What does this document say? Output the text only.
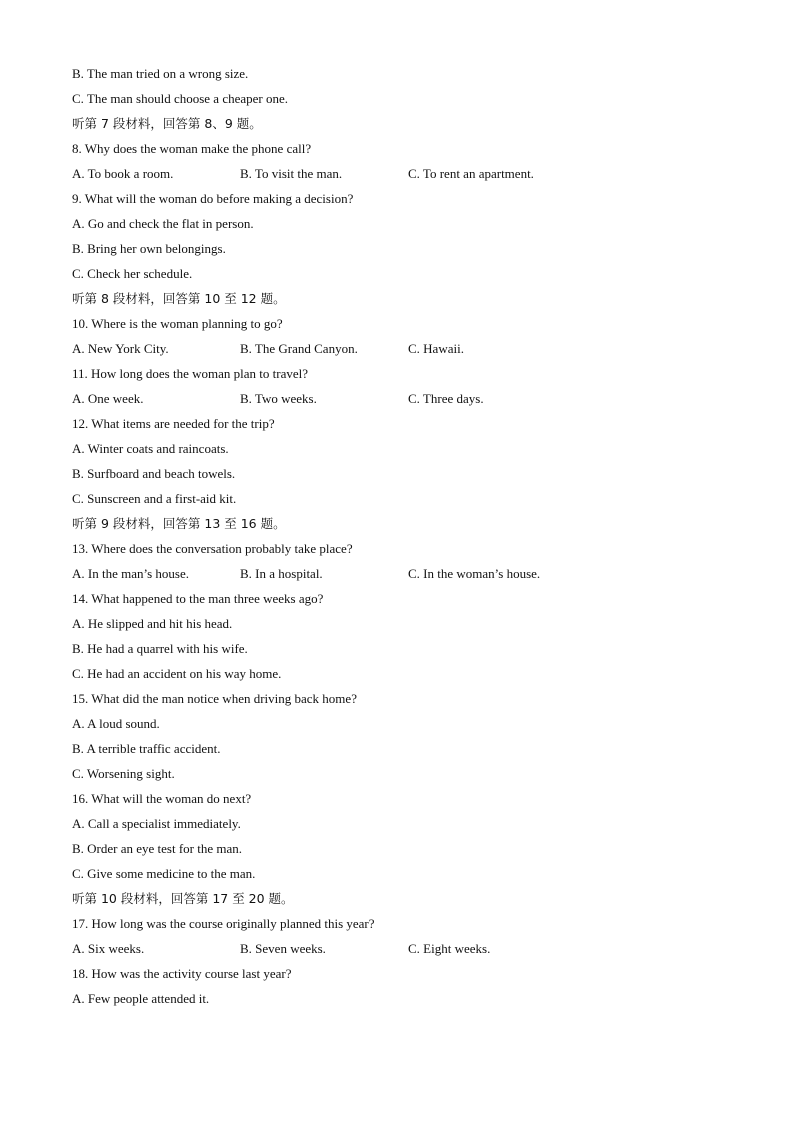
B. The man tried on a wrong size.
C. The man should choose a cheaper one.
听第 7 段材料，回答第 8、9 题。
8. Why does the woman make the phone call?
A. To book a room.	B. To visit the man.	C. To rent an apartment.
9. What will the woman do before making a decision?
A. Go and check the flat in person.
B. Bring her own belongings.
C. Check her schedule.
听第 8 段材料，回答第 10 至 12 题。
10. Where is the woman planning to go?
A. New York City.	B. The Grand Canyon.	C. Hawaii.
11. How long does the woman plan to travel?
A. One week.	B. Two weeks.	C. Three days.
12. What items are needed for the trip?
A. Winter coats and raincoats.
B. Surfboard and beach towels.
C. Sunscreen and a first-aid kit.
听第 9 段材料，回答第 13 至 16 题。
13. Where does the conversation probably take place?
A. In the man’s house.	B. In a hospital.	C. In the woman’s house.
14. What happened to the man three weeks ago?
A. He slipped and hit his head.
B. He had a quarrel with his wife.
C. He had an accident on his way home.
15. What did the man notice when driving back home?
A. A loud sound.
B. A terrible traffic accident.
C. Worsening sight.
16. What will the woman do next?
A. Call a specialist immediately.
B. Order an eye test for the man.
C. Give some medicine to the man.
听第 10 段材料，回答第 17 至 20 题。
17. How long was the course originally planned this year?
A. Six weeks.	B. Seven weeks.	C. Eight weeks.
18. How was the activity course last year?
A. Few people attended it.
